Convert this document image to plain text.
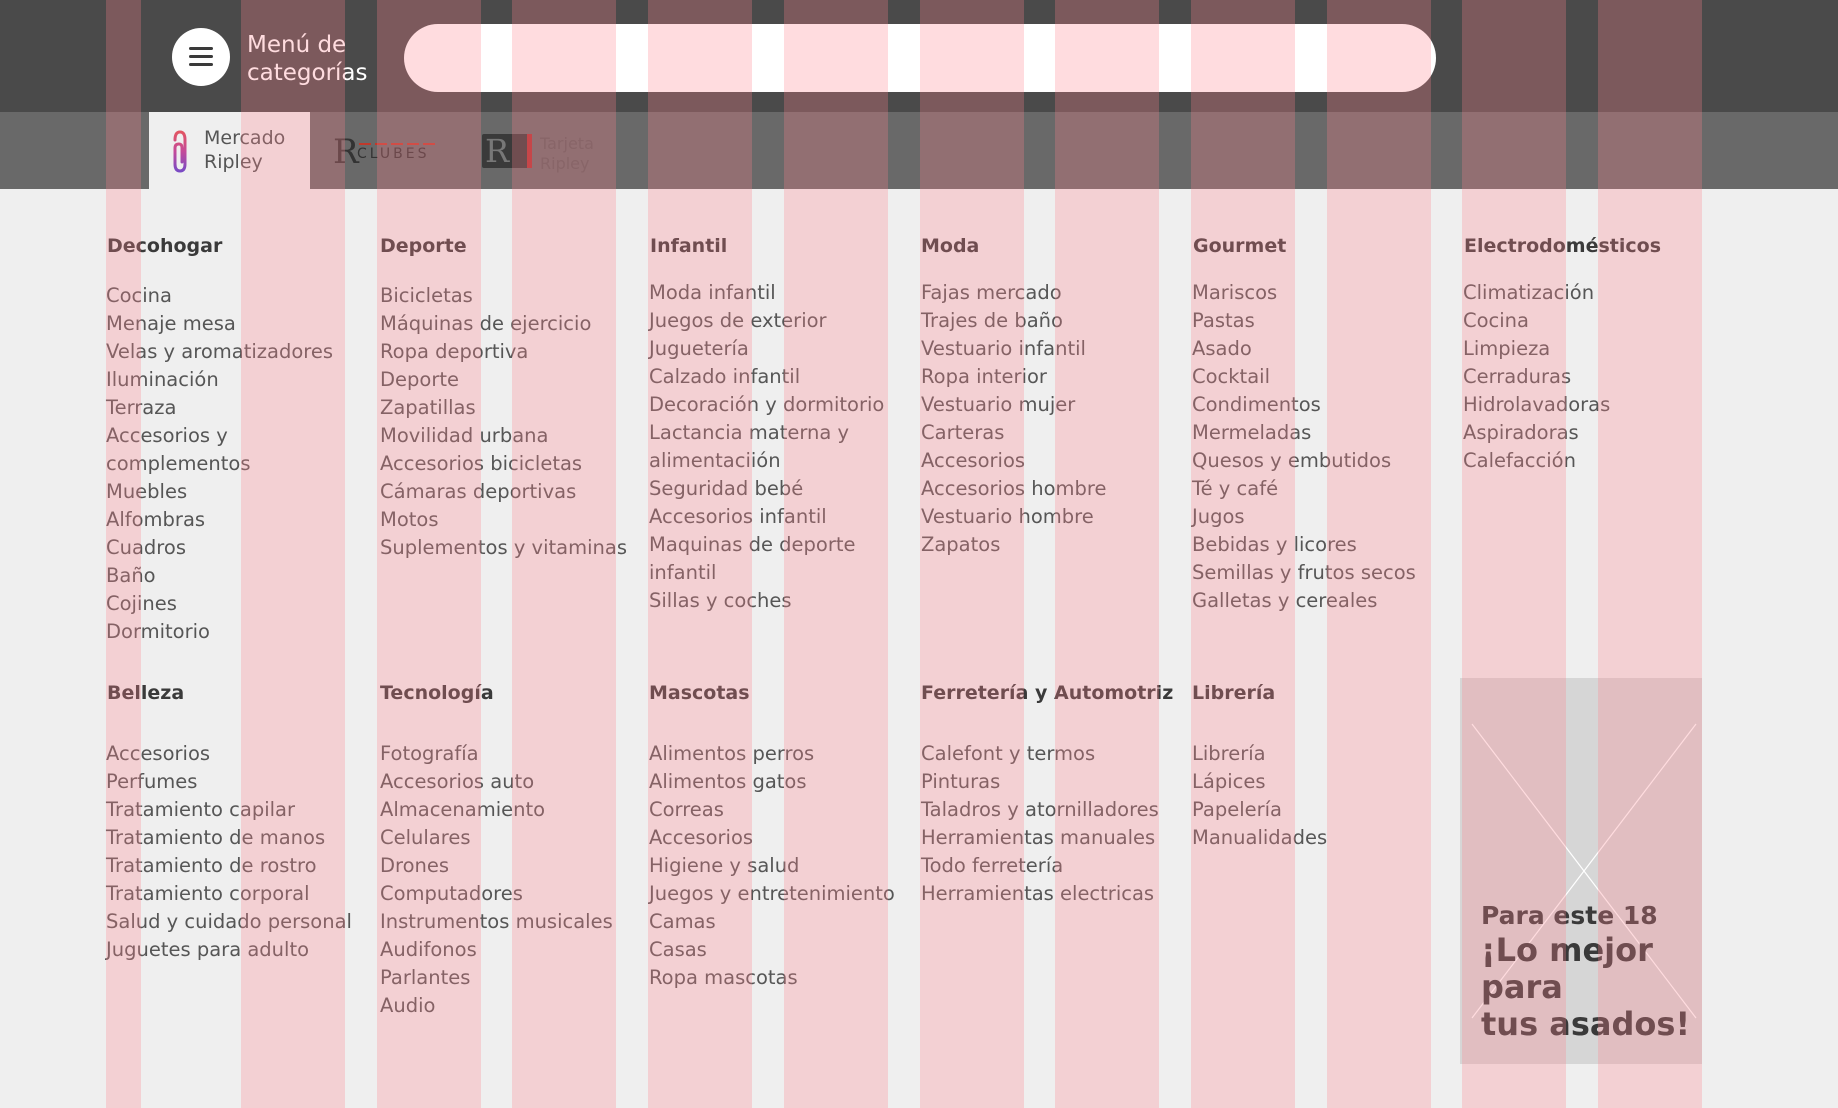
Menú de
categorías
Mercado
Ripley	R
CLUBES R Tarjeta
Ripley
Decohogar
Cocina
Menaje mesa
Velas y aromatizadores
Iluminación
Terraza
Accesorios y
complementos
Muebles
Alfombras
Cuadros
Baño
Cojines
Dormitorio
Deporte
Bicicletas
Máquinas de ejercicio
Ropa deportiva
Deporte
Zapatillas
Movilidad urbana
Accesorios bicicletas
Cámaras deportivas
Motos
Suplementos y vitaminas
Infantil
Moda infantil
Juegos de exterior
Juguetería
Calzado infantil
Decoración y dormitorio
Lactancia materna y
alimentaciión
Seguridad bebé
Accesorios infantil
Maquinas de deporte
infantil
Sillas y coches
Moda
Fajas mercado
Trajes de baño
Vestuario infantil
Ropa interior
Vestuario mujer
Carteras
Accesorios
Accesorios hombre
Vestuario hombre
Zapatos
Gourmet
Mariscos
Pastas
Asado
Cocktail
Condimentos
Mermeladas
Quesos y embutidos
Té y café
Jugos
Bebidas y licores
Semillas y frutos secos
Galletas y cereales
Electrodomésticos
Climatización
Cocina
Limpieza
Cerraduras
Hidrolavadoras
Aspiradoras
Calefacción
Belleza
Accesorios
Perfumes
Tratamiento capilar
Tratamiento de manos
Tratamiento de rostro
Tratamiento corporal
Salud y cuidado personal
Juguetes para adulto
Tecnología
Fotografía
Accesorios auto
Almacenamiento
Celulares
Drones
Computadores
Instrumentos musicales
Audifonos
Parlantes
Audio
Mascotas
Alimentos perros
Alimentos gatos
Correas
Accesorios
Higiene y salud
Juegos y entretenimiento
Camas
Casas
Ropa mascotas
Ferretería y Automotriz
Calefont y termos
Pinturas
Taladros y atornilladores
Herramientas manuales
Todo ferretería
Herramientas electricas
Librería
Librería
Lápices
Papelería
Manualidades
Para este 18
¡Lo mejor
para
tus asados!
